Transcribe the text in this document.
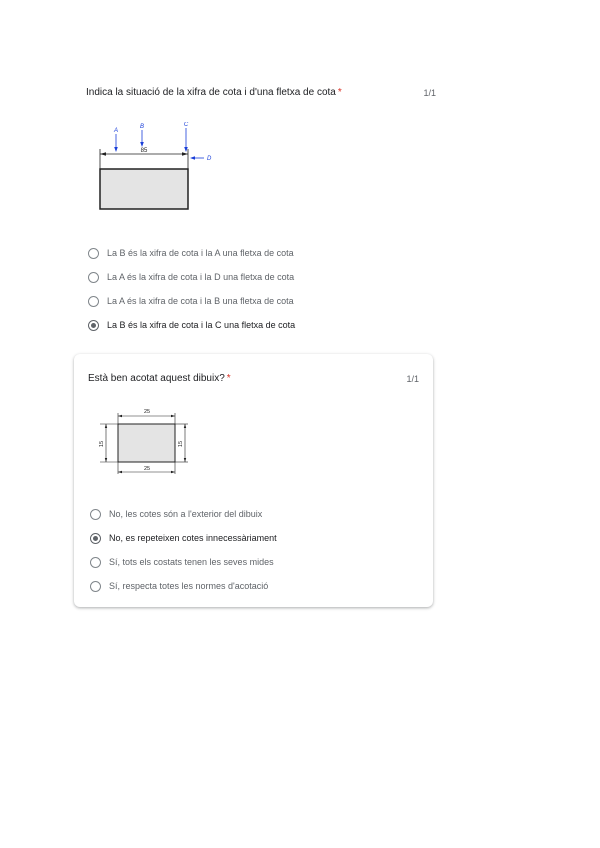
Indica la situació de la xifra de cota i d'una fletxa de cota *	1/1
85
A
B	C
D
La B és la xifra de cota i la A una fletxa de cota
La A és la xifra de cota i la D una fletxa de cota
La A és la xifra de cota i la B una fletxa de cota
La B és la xifra de cota i la C una fletxa de cota
Està ben acotat aquest dibuix? *	1/1
25
25
15	15
No, les cotes són a l'exterior del dibuix
No, es repeteixen cotes innecessàriament
Sí, tots els costats tenen les seves mides
Sí, respecta totes les normes d'acotació
